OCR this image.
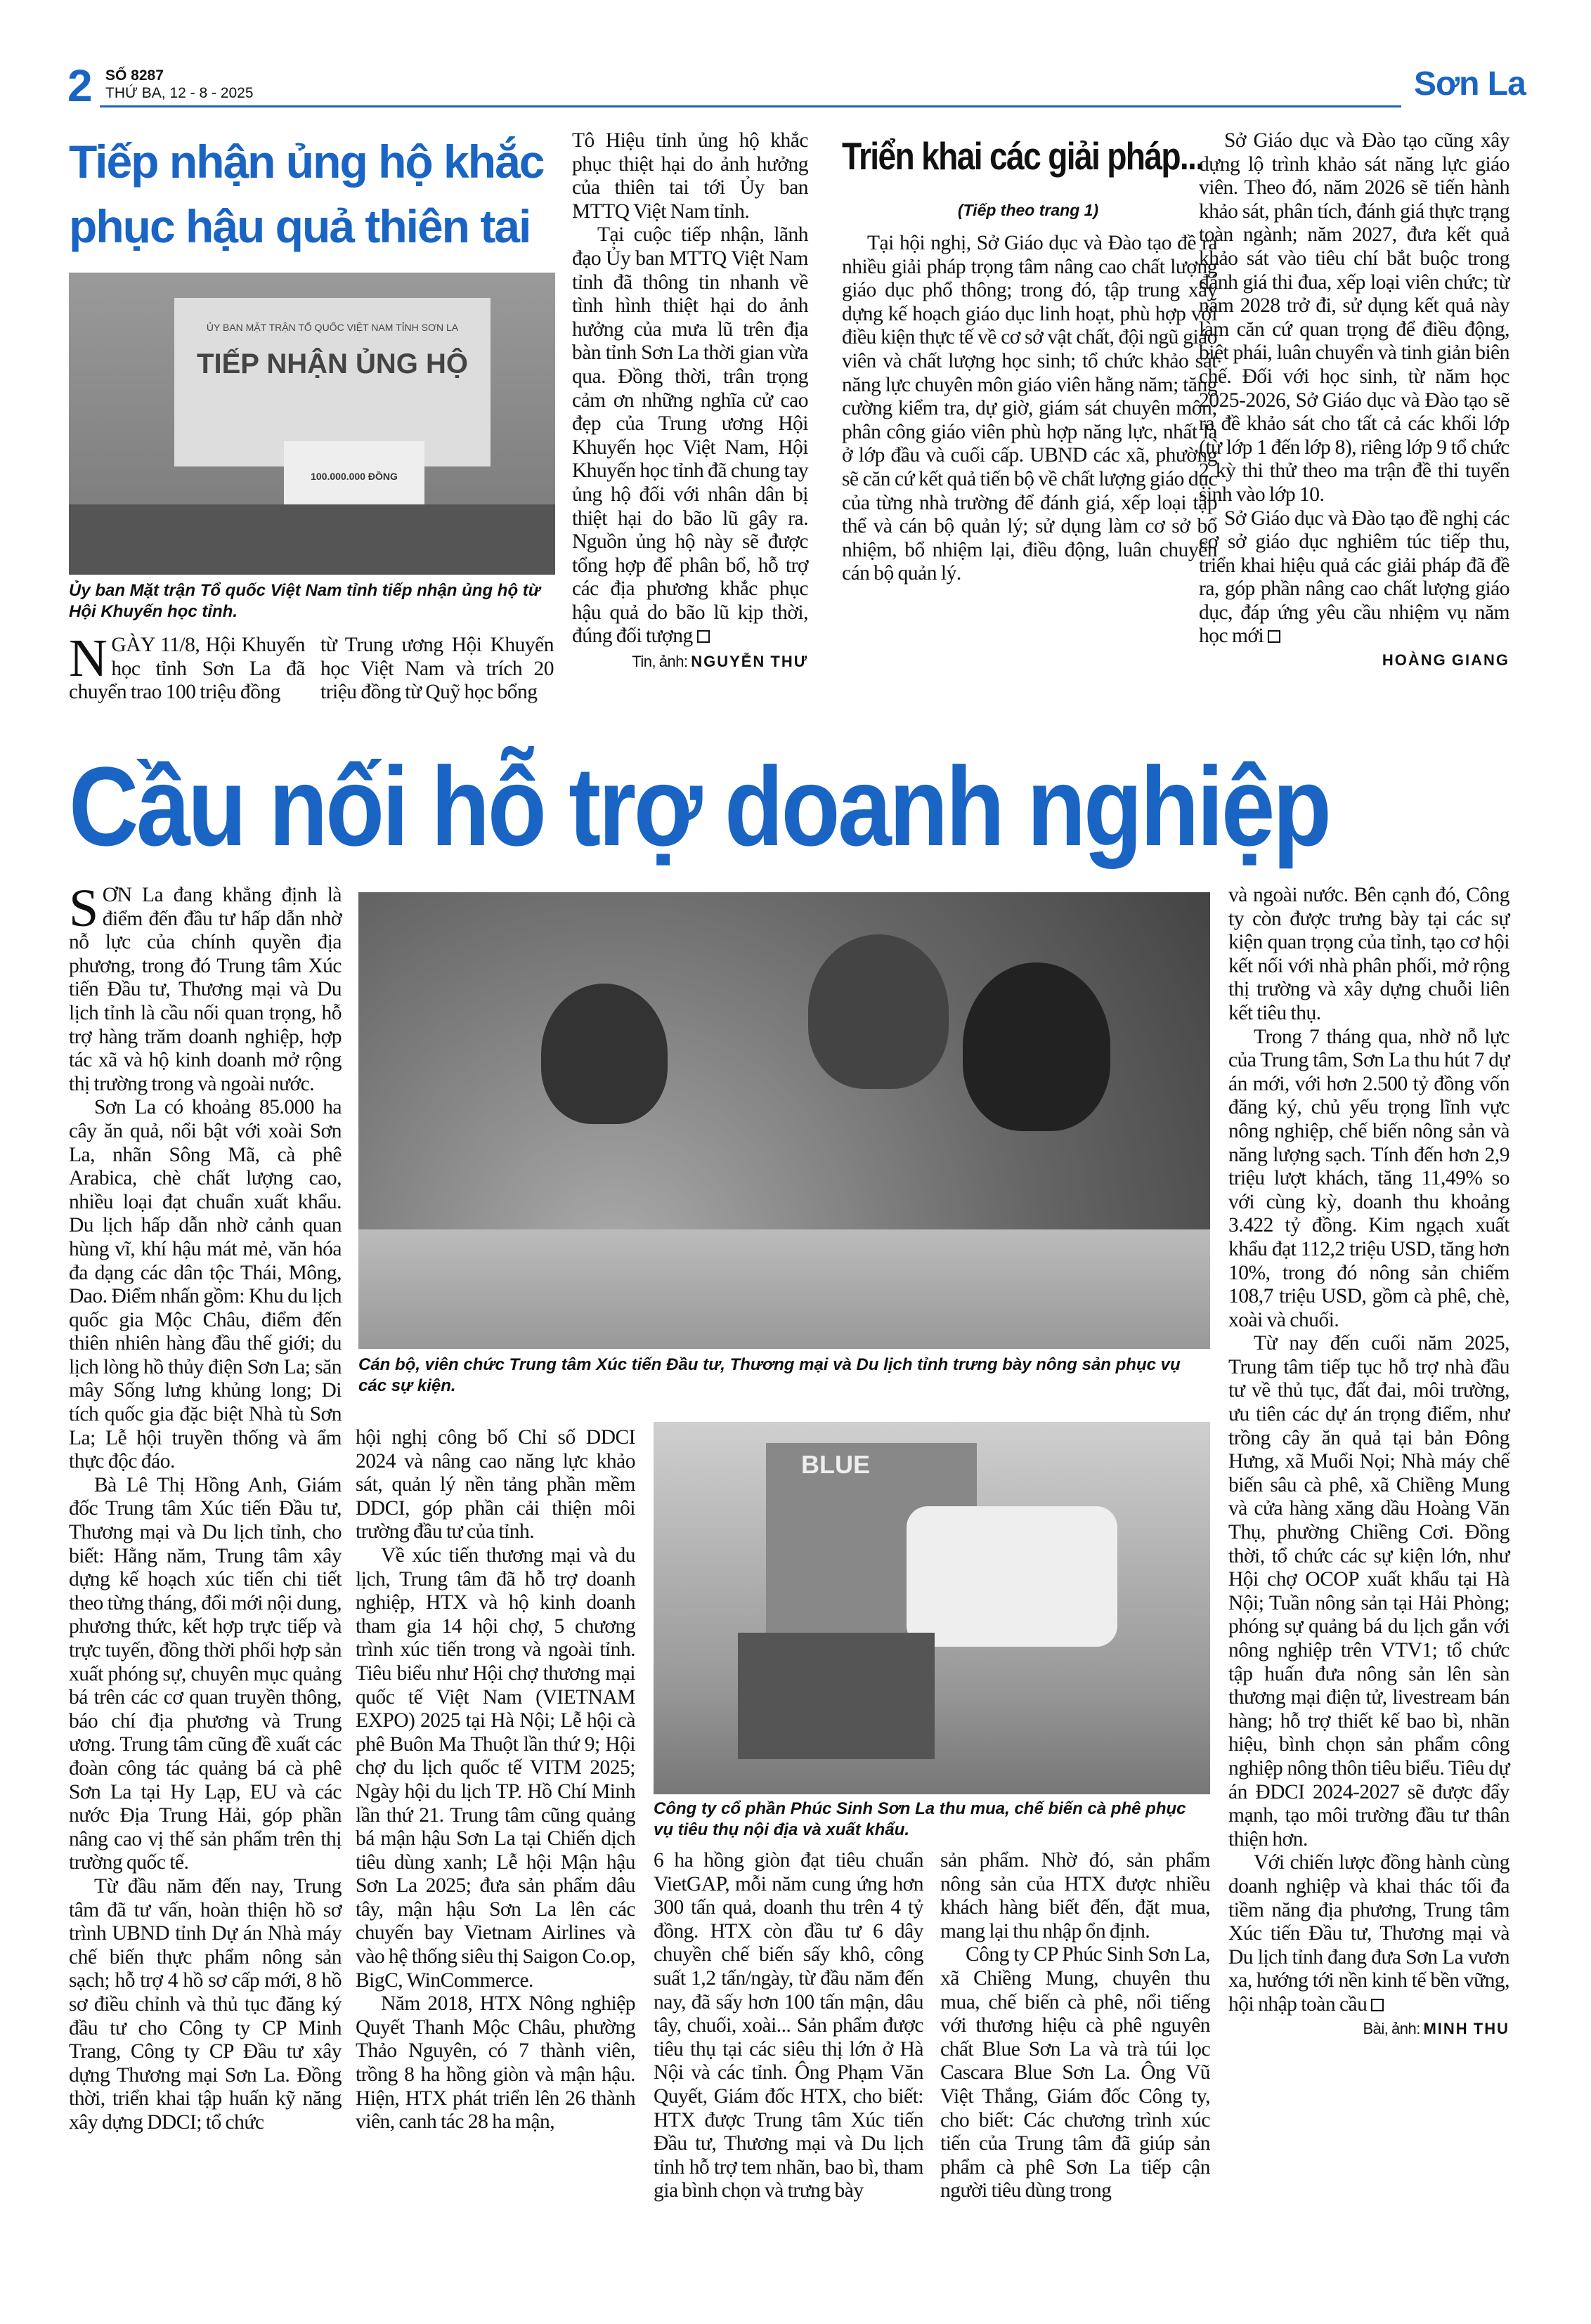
2 SỐ 8287
THỨ BA, 12 - 8 - 2025	Sơn La
Tiếp nhận ủng hộ khắc phục hậu quả thiên tai
ỦY BAN MẶT TRẬN TỔ QUỐC VIỆT NAM TỈNH SƠN LA
TIẾP NHẬN ỦNG HỘ
100.000.000 ĐỒNG
Ủy ban Mặt trận Tổ quốc Việt Nam tỉnh tiếp nhận ủng hộ từ Hội Khuyến học tỉnh.

NGÀY 11/8, Hội Khuyến học tỉnh Sơn La đã chuyển trao 100 triệu đồng

từ Trung ương Hội Khuyến học Việt Nam và trích 20 triệu đồng từ Quỹ học bổng

Tô Hiệu tỉnh ủng hộ khắc phục thiệt hại do ảnh hưởng của thiên tai tới Ủy ban MTTQ Việt Nam tỉnh.

Tại cuộc tiếp nhận, lãnh đạo Ủy ban MTTQ Việt Nam tỉnh đã thông tin nhanh về tình hình thiệt hại do ảnh hưởng của mưa lũ trên địa bàn tỉnh Sơn La thời gian vừa qua. Đồng thời, trân trọng cảm ơn những nghĩa cử cao đẹp của Trung ương Hội Khuyến học Việt Nam, Hội Khuyến học tỉnh đã chung tay ủng hộ đối với nhân dân bị thiệt hại do bão lũ gây ra. Nguồn ủng hộ này sẽ được tổng hợp để phân bổ, hỗ trợ các địa phương khắc phục hậu quả do bão lũ kịp thời, đúng đối tượng

Tin, ảnh: NGUYỄN THƯ
Triển khai các giải pháp...
(Tiếp theo trang 1)

Tại hội nghị, Sở Giáo dục và Đào tạo đề ra nhiều giải pháp trọng tâm nâng cao chất lượng giáo dục phổ thông; trong đó, tập trung xây dựng kế hoạch giáo dục linh hoạt, phù hợp với điều kiện thực tế về cơ sở vật chất, đội ngũ giáo viên và chất lượng học sinh; tổ chức khảo sát năng lực chuyên môn giáo viên hằng năm; tăng cường kiểm tra, dự giờ, giám sát chuyên môn; phân công giáo viên phù hợp năng lực, nhất là ở lớp đầu và cuối cấp. UBND các xã, phường sẽ căn cứ kết quả tiến bộ về chất lượng giáo dục của từng nhà trường để đánh giá, xếp loại tập thể và cán bộ quản lý; sử dụng làm cơ sở bổ nhiệm, bổ nhiệm lại, điều động, luân chuyển cán bộ quản lý.

Sở Giáo dục và Đào tạo cũng xây dựng lộ trình khảo sát năng lực giáo viên. Theo đó, năm 2026 sẽ tiến hành khảo sát, phân tích, đánh giá thực trạng toàn ngành; năm 2027, đưa kết quả khảo sát vào tiêu chí bắt buộc trong đánh giá thi đua, xếp loại viên chức; từ năm 2028 trở đi, sử dụng kết quả này làm căn cứ quan trọng để điều động, biệt phái, luân chuyển và tinh giản biên chế. Đối với học sinh, từ năm học 2025-2026, Sở Giáo dục và Đào tạo sẽ ra đề khảo sát cho tất cả các khối lớp (từ lớp 1 đến lớp 8), riêng lớp 9 tổ chức 2 kỳ thi thử theo ma trận đề thi tuyển sinh vào lớp 10.

Sở Giáo dục và Đào tạo đề nghị các cơ sở giáo dục nghiêm túc tiếp thu, triển khai hiệu quả các giải pháp đã đề ra, góp phần nâng cao chất lượng giáo dục, đáp ứng yêu cầu nhiệm vụ năm học mới

HOÀNG GIANG
Cầu nối hỗ trợ doanh nghiệp

SƠN La đang khẳng định là điểm đến đầu tư hấp dẫn nhờ nỗ lực của chính quyền địa phương, trong đó Trung tâm Xúc tiến Đầu tư, Thương mại và Du lịch tỉnh là cầu nối quan trọng, hỗ trợ hàng trăm doanh nghiệp, hợp tác xã và hộ kinh doanh mở rộng thị trường trong và ngoài nước.

Sơn La có khoảng 85.000 ha cây ăn quả, nổi bật với xoài Sơn La, nhãn Sông Mã, cà phê Arabica, chè chất lượng cao, nhiều loại đạt chuẩn xuất khẩu. Du lịch hấp dẫn nhờ cảnh quan hùng vĩ, khí hậu mát mẻ, văn hóa đa dạng các dân tộc Thái, Mông, Dao. Điểm nhấn gồm: Khu du lịch quốc gia Mộc Châu, điểm đến thiên nhiên hàng đầu thế giới; du lịch lòng hồ thủy điện Sơn La; săn mây Sống lưng khủng long; Di tích quốc gia đặc biệt Nhà tù Sơn La; Lễ hội truyền thống và ẩm thực độc đáo.

Bà Lê Thị Hồng Anh, Giám đốc Trung tâm Xúc tiến Đầu tư, Thương mại và Du lịch tỉnh, cho biết: Hằng năm, Trung tâm xây dựng kế hoạch xúc tiến chi tiết theo từng tháng, đổi mới nội dung, phương thức, kết hợp trực tiếp và trực tuyến, đồng thời phối hợp sản xuất phóng sự, chuyên mục quảng bá trên các cơ quan truyền thông, báo chí địa phương và Trung ương. Trung tâm cũng đề xuất các đoàn công tác quảng bá cà phê Sơn La tại Hy Lạp, EU và các nước Địa Trung Hải, góp phần nâng cao vị thế sản phẩm trên thị trường quốc tế.

Từ đầu năm đến nay, Trung tâm đã tư vấn, hoàn thiện hồ sơ trình UBND tỉnh Dự án Nhà máy chế biến thực phẩm nông sản sạch; hỗ trợ 4 hồ sơ cấp mới, 8 hồ sơ điều chỉnh và thủ tục đăng ký đầu tư cho Công ty CP Minh Trang, Công ty CP Đầu tư xây dựng Thương mại Sơn La. Đồng thời, triển khai tập huấn kỹ năng xây dựng DDCI; tổ chức

Cán bộ, viên chức Trung tâm Xúc tiến Đầu tư, Thương mại và Du lịch tỉnh trưng bày nông sản phục vụ các sự kiện.

hội nghị công bố Chỉ số DDCI 2024 và nâng cao năng lực khảo sát, quản lý nền tảng phần mềm DDCI, góp phần cải thiện môi trường đầu tư của tỉnh.

Về xúc tiến thương mại và du lịch, Trung tâm đã hỗ trợ doanh nghiệp, HTX và hộ kinh doanh tham gia 14 hội chợ, 5 chương trình xúc tiến trong và ngoài tỉnh. Tiêu biểu như Hội chợ thương mại quốc tế Việt Nam (VIETNAM EXPO) 2025 tại Hà Nội; Lễ hội cà phê Buôn Ma Thuột lần thứ 9; Hội chợ du lịch quốc tế VITM 2025; Ngày hội du lịch TP. Hồ Chí Minh lần thứ 21. Trung tâm cũng quảng bá mận hậu Sơn La tại Chiến dịch tiêu dùng xanh; Lễ hội Mận hậu Sơn La 2025; đưa sản phẩm dâu tây, mận hậu Sơn La lên các chuyến bay Vietnam Airlines và vào hệ thống siêu thị Saigon Co.op, BigC, WinCommerce.

Năm 2018, HTX Nông nghiệp Quyết Thanh Mộc Châu, phường Thảo Nguyên, có 7 thành viên, trồng 8 ha hồng giòn và mận hậu. Hiện, HTX phát triển lên 26 thành viên, canh tác 28 ha mận,

BLUE
Công ty cổ phần Phúc Sinh Sơn La thu mua, chế biến cà phê phục vụ tiêu thụ nội địa và xuất khẩu.

6 ha hồng giòn đạt tiêu chuẩn VietGAP, mỗi năm cung ứng hơn 300 tấn quả, doanh thu trên 4 tỷ đồng. HTX còn đầu tư 6 dây chuyền chế biến sấy khô, công suất 1,2 tấn/ngày, từ đầu năm đến nay, đã sấy hơn 100 tấn mận, dâu tây, chuối, xoài... Sản phẩm được tiêu thụ tại các siêu thị lớn ở Hà Nội và các tỉnh. Ông Phạm Văn Quyết, Giám đốc HTX, cho biết: HTX được Trung tâm Xúc tiến Đầu tư, Thương mại và Du lịch tỉnh hỗ trợ tem nhãn, bao bì, tham gia bình chọn và trưng bày

sản phẩm. Nhờ đó, sản phẩm nông sản của HTX được nhiều khách hàng biết đến, đặt mua, mang lại thu nhập ổn định.

Công ty CP Phúc Sinh Sơn La, xã Chiềng Mung, chuyên thu mua, chế biến cà phê, nổi tiếng với thương hiệu cà phê nguyên chất Blue Sơn La và trà túi lọc Cascara Blue Sơn La. Ông Vũ Việt Thắng, Giám đốc Công ty, cho biết: Các chương trình xúc tiến của Trung tâm đã giúp sản phẩm cà phê Sơn La tiếp cận người tiêu dùng trong

và ngoài nước. Bên cạnh đó, Công ty còn được trưng bày tại các sự kiện quan trọng của tỉnh, tạo cơ hội kết nối với nhà phân phối, mở rộng thị trường và xây dựng chuỗi liên kết tiêu thụ.

Trong 7 tháng qua, nhờ nỗ lực của Trung tâm, Sơn La thu hút 7 dự án mới, với hơn 2.500 tỷ đồng vốn đăng ký, chủ yếu trọng lĩnh vực nông nghiệp, chế biến nông sản và năng lượng sạch. Tính đến hơn 2,9 triệu lượt khách, tăng 11,49% so với cùng kỳ, doanh thu khoảng 3.422 tỷ đồng. Kim ngạch xuất khẩu đạt 112,2 triệu USD, tăng hơn 10%, trong đó nông sản chiếm 108,7 triệu USD, gồm cà phê, chè, xoài và chuối.

Từ nay đến cuối năm 2025, Trung tâm tiếp tục hỗ trợ nhà đầu tư về thủ tục, đất đai, môi trường, ưu tiên các dự án trọng điểm, như trồng cây ăn quả tại bản Đông Hưng, xã Muổi Nọi; Nhà máy chế biến sâu cà phê, xã Chiềng Mung và cửa hàng xăng dầu Hoàng Văn Thụ, phường Chiềng Cơi. Đồng thời, tổ chức các sự kiện lớn, như Hội chợ OCOP xuất khẩu tại Hà Nội; Tuần nông sản tại Hải Phòng; phóng sự quảng bá du lịch gắn với nông nghiệp trên VTV1; tổ chức tập huấn đưa nông sản lên sàn thương mại điện tử, livestream bán hàng; hỗ trợ thiết kế bao bì, nhãn hiệu, bình chọn sản phẩm công nghiệp nông thôn tiêu biểu. Tiêu dự án ĐDCI 2024-2027 sẽ được đẩy mạnh, tạo môi trường đầu tư thân thiện hơn.

Với chiến lược đồng hành cùng doanh nghiệp và khai thác tối đa tiềm năng địa phương, Trung tâm Xúc tiến Đầu tư, Thương mại và Du lịch tỉnh đang đưa Sơn La vươn xa, hướng tới nền kinh tế bền vững, hội nhập toàn cầu

Bài, ảnh: MINH THU
